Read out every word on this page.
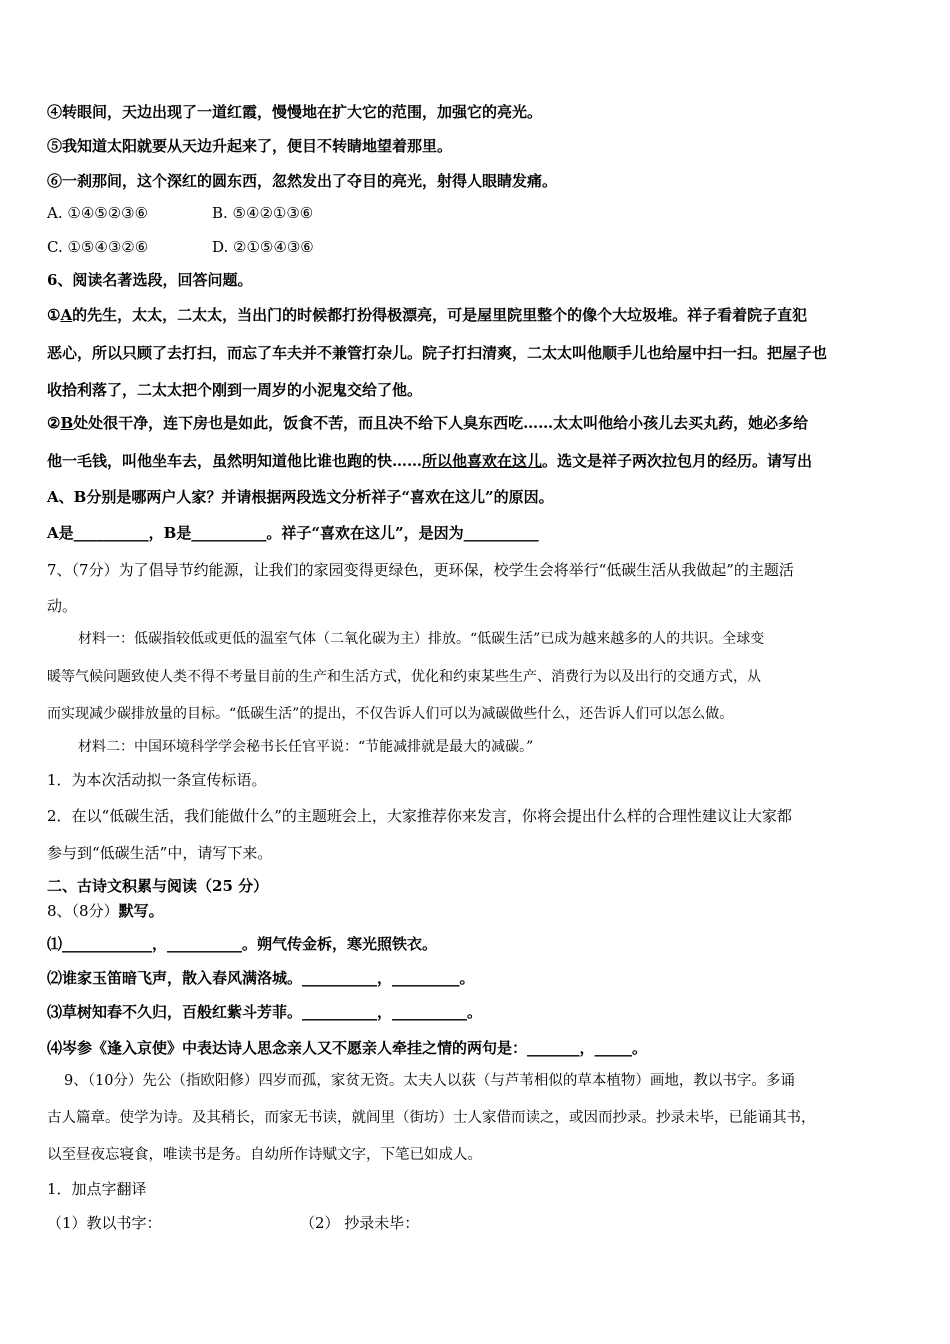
④转眼间，天边出现了一道红霞，慢慢地在扩大它的范围，加强它的亮光。
⑤我知道太阳就要从天边升起来了，便目不转睛地望着那里。
⑥一刹那间，这个深红的圆东西，忽然发出了夺目的亮光，射得人眼睛发痛。
A. ①④⑤②③⑥	B. ⑤④②①③⑥
C. ①⑤④③②⑥	D. ②①⑤④③⑥
6、阅读名著选段，回答问题。
①A的先生，太太，二太太，当出门的时候都打扮得极漂亮，可是屋里院里整个的像个大垃圾堆。祥子看着院子直犯
恶心，所以只顾了去打扫，而忘了车夫并不兼管打杂儿。院子打扫清爽，二太太叫他顺手儿也给屋中扫一扫。把屋子也
收拾利落了，二太太把个刚到一周岁的小泥鬼交给了他。
②B处处很干净，连下房也是如此，饭食不苦，而且决不给下人臭东西吃……太太叫他给小孩儿去买丸药，她必多给
他一毛钱，叫他坐车去，虽然明知道他比谁也跑的快……所以他喜欢在这儿。选文是祥子两次拉包月的经历。请写出
A、B分别是哪两户人家？并请根据两段选文分析祥子“喜欢在这儿”的原因。
A是__________，B是__________。祥子“喜欢在这儿”，是因为__________
7、（7分）为了倡导节约能源，让我们的家园变得更绿色，更环保，校学生会将举行“低碳生活从我做起”的主题活
动。
材料一：低碳指较低或更低的温室气体（二氧化碳为主）排放。“低碳生活”已成为越来越多的人的共识。全球变
暖等气候问题致使人类不得不考量目前的生产和生活方式，优化和约束某些生产、消费行为以及出行的交通方式，从
而实现减少碳排放量的目标。“低碳生活”的提出，不仅告诉人们可以为减碳做些什么，还告诉人们可以怎么做。
材料二：中国环境科学学会秘书长任官平说：“节能减排就是最大的减碳。”
1．为本次活动拟一条宣传标语。
2．在以“低碳生活，我们能做什么”的主题班会上，大家推荐你来发言，你将会提出什么样的合理性建议让大家都
参与到“低碳生活”中，请写下来。
二、古诗文积累与阅读（25 分）
8、（8分）默写。
⑴____________，__________。朔气传金柝，寒光照铁衣。
⑵谁家玉笛暗飞声，散入春风满洛城。__________，_________。
⑶草树知春不久归，百般红紫斗芳菲。__________，__________。
⑷岑参《逢入京使》中表达诗人思念亲人又不愿亲人牵挂之情的两句是：_______，_____。
9、（10分）先公（指欧阳修）四岁而孤，家贫无资。太夫人以荻（与芦苇相似的草本植物）画地，教以书字。多诵
古人篇章。使学为诗。及其稍长，而家无书读，就闾里（街坊）士人家借而读之，或因而抄录。抄录未毕，已能诵其书，
以至昼夜忘寝食，唯读书是务。自幼所作诗赋文字，下笔已如成人。
1．加点字翻译
（1）教以书字：	（2） 抄录未毕：
